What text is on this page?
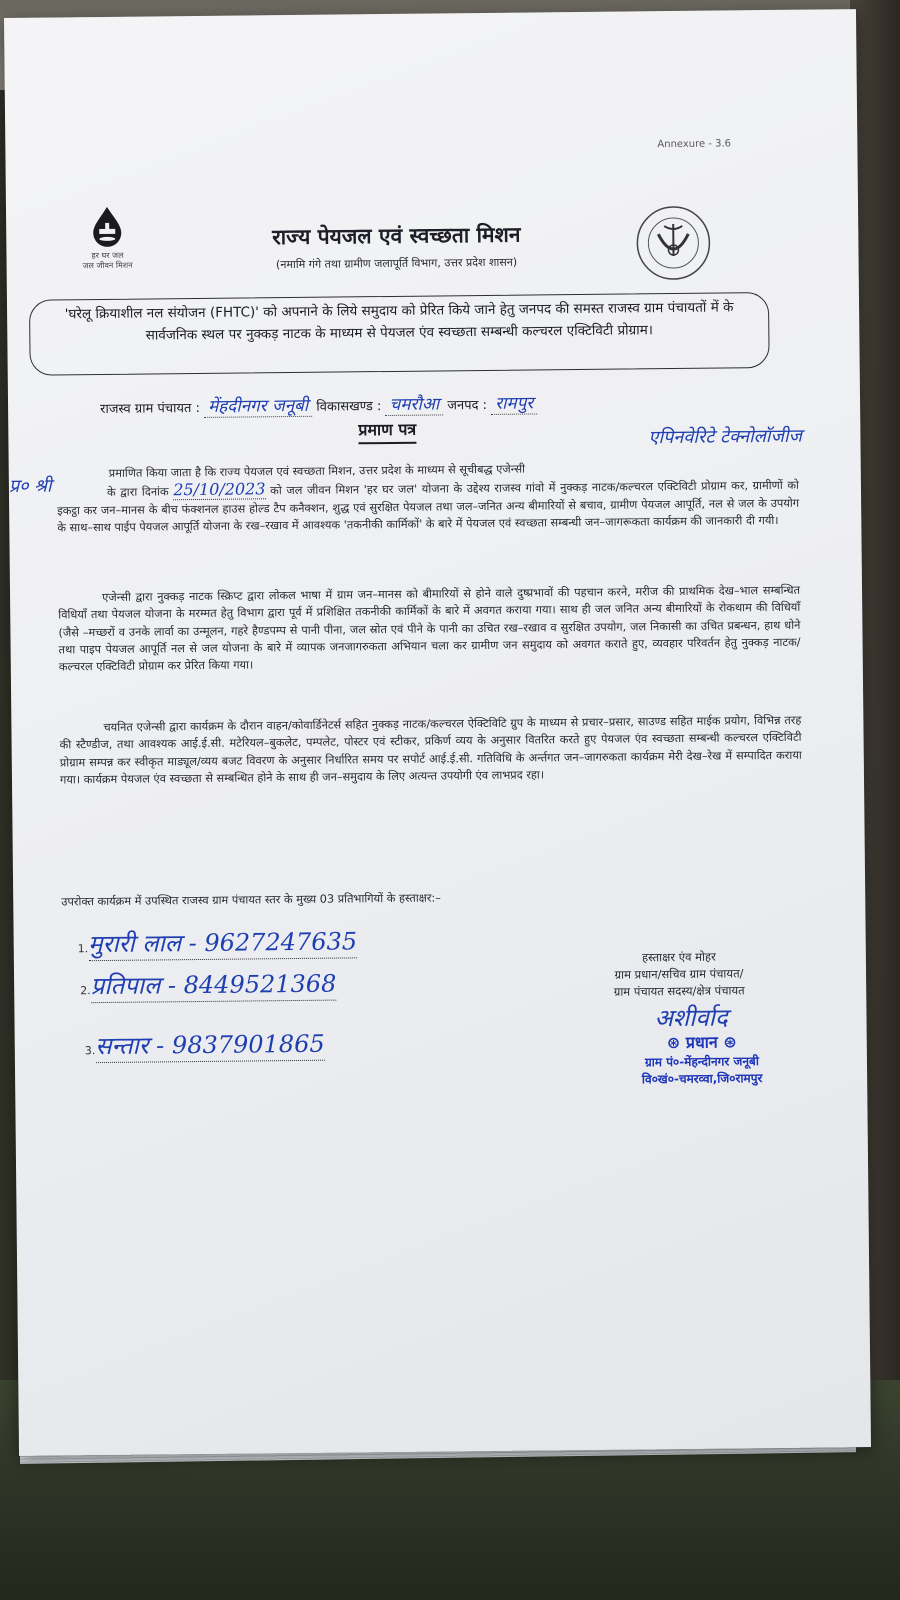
Annexure - 3.6
हर घर जल
जल जीवन मिशन
राज्य पेयजल एवं स्वच्छता मिशन
(नमामि गंगे तथा ग्रामीण जलापूर्ति विभाग, उत्तर प्रदेश शासन)
'घरेलू क्रियाशील नल संयोजन (FHTC)' को अपनाने के लिये समुदाय को प्रेरित किये जाने हेतु जनपद की समस्त राजस्व ग्राम पंचायतों में के सार्वजनिक स्थल पर नुक्कड़ नाटक के माध्यम से पेयजल एंव स्वच्छता सम्बन्धी कल्चरल एक्टिविटी प्रोग्राम।
राजस्व ग्राम पंचायत : मेंहदीनगर जनूबी विकासखण्ड : चमरौआ जनपद : रामपुर
प्रमाण पत्र
प्र० श्री
एपिनवेरिटे टेक्नोलॉजीज
प्रमाणित किया जाता है कि राज्य पेयजल एवं स्वच्छता मिशन, उत्तर प्रदेश के माध्यम से सूचीबद्ध एजेन्सी
के द्वारा दिनांक 25/10/2023 को जल जीवन मिशन 'हर घर जल' योजना के उद्देश्य राजस्व गांवो में नुक्कड़ नाटक/कल्चरल एक्टिविटी प्रोग्राम कर, ग्रामीणों को इकट्ठा कर जन–मानस के बीच फंक्शनल हाउस होल्ड टैप कनैक्शन, शुद्ध एवं सुरक्षित पेयजल तथा जल–जनित अन्य बीमारियों से बचाव, ग्रामीण पेयजल आपूर्ति, नल से जल के उपयोग के साथ–साथ पाईप पेयजल आपूर्ति योजना के रख–रखाव में आवश्यक 'तकनीकी कार्मिकों' के बारे में पेयजल एवं स्वच्छता सम्बन्धी जन–जागरूकता कार्यक्रम की जानकारी दी गयी।
एजेन्सी द्वारा नुक्कड़ नाटक स्क्रिप्ट द्वारा लोकल भाषा में ग्राम जन–मानस को बीमारियों से होने वाले दुष्प्रभावों की पहचान करने, मरीज की प्राथमिक देख–भाल सम्बन्धित विधियॉं तथा पेयजल योजना के मरम्मत हेतु विभाग द्वारा पूर्व में प्रशिक्षित तकनीकी कार्मिकों के बारे में अवगत कराया गया। साथ ही जल जनित अन्य बीमारियों के रोकथाम की विधियॉं (जैसे –मच्छरों व उनके लार्वा का उन्मूलन, गहरे हैण्डपम्प से पानी पीना, जल स्रोत एवं पीने के पानी का उचित रख–रखाव व सुरक्षित उपयोग, जल निकासी का उचित प्रबन्धन, हाथ धोने तथा पाइप पेयजल आपूर्ति नल से जल योजना के बारे में व्यापक जनजागरुकता अभियान चला कर ग्रामीण जन समुदाय को अवगत कराते हुए, व्यवहार परिवर्तन हेतु नुक्कड़ नाटक/कल्चरल एक्टिविटी प्रोग्राम कर प्रेरित किया गया।
चयनित एजेन्सी द्वारा कार्यक्रम के दौरान वाहन/कोवार्डिनेटर्स सहित नुक्कड़ नाटक/कल्चरल ऐक्टिविटि ग्रुप के माध्यम से प्रचार–प्रसार, साउण्ड सहित माईक प्रयोग, विभिन्न तरह की स्टैण्डीज, तथा आवश्यक आई.ई.सी. मटेरियल–बुकलेट, पम्पलेट, पोस्टर एवं स्टीकर, प्रकिर्ण व्यय के अनुसार वितरित करते हुए पेयजल एंव स्वच्छता सम्बन्धी कल्चरल एक्टिविटी प्रोग्राम सम्पन्न कर स्वीकृत माड्यूल/व्यय बजट विवरण के अनुसार निर्धारित समय पर सपोर्ट आई.ई.सी. गतिविधि के अर्न्तगत जन–जागरुकता कार्यक्रम मेरी देख–रेख में सम्पादित कराया गया। कार्यक्रम पेयजल एंव स्वच्छता से सम्बन्धित होने के साथ ही जन–समुदाय के लिए अत्यन्त उपयोगी एंव लाभप्रद रहा।
उपरोक्त कार्यक्रम में उपस्थित राजस्व ग्राम पंचायत स्तर के मुख्य 03 प्रतिभागियों के हस्ताक्षर:–
1.मुरारी लाल - 9627247635
2.प्रतिपाल - 8449521368
3.सन्तार - 9837901865
हस्ताक्षर एंव मोहर
ग्राम प्रधान/सचिव ग्राम पंचायत/
ग्राम पंचायत सदस्य/क्षेत्र पंचायत
अशीर्वाद
⊛ प्रधान ⊛
ग्राम पं०-मेंहन्दीनगर जनूबी
वि०खं०-चमरव्वा,जि०रामपुर
